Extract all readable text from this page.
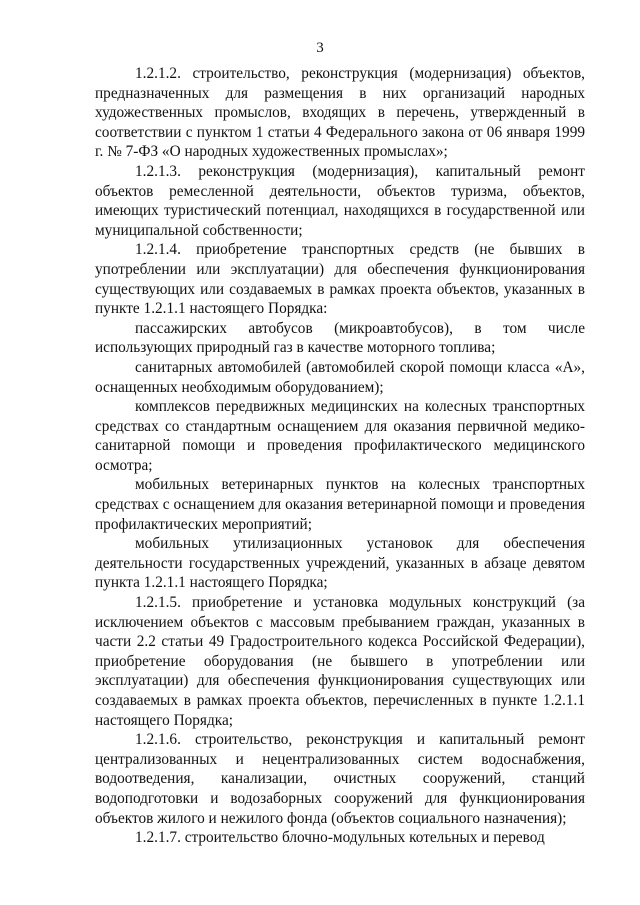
3

1.2.1.2. строительство, реконструкция (модернизация) объектов, предназначенных для размещения в них организаций народных художественных промыслов, входящих в перечень, утвержденный в соответствии с пунктом 1 статьи 4 Федерального закона от 06 января 1999 г. № 7-ФЗ «О народных художественных промыслах»;

1.2.1.3. реконструкция (модернизация), капитальный ремонт объектов ремесленной деятельности, объектов туризма, объектов, имеющих туристический потенциал, находящихся в государственной или муниципальной собственности;

1.2.1.4. приобретение транспортных средств (не бывших в употреблении или эксплуатации) для обеспечения функционирования существующих или создаваемых в рамках проекта объектов, указанных в пункте 1.2.1.1 настоящего Порядка:

пассажирских автобусов (микроавтобусов), в том числе использующих природный газ в качестве моторного топлива;

санитарных автомобилей (автомобилей скорой помощи класса «А», оснащенных необходимым оборудованием);

комплексов передвижных медицинских на колесных транспортных средствах со стандартным оснащением для оказания первичной медико-санитарной помощи и проведения профилактического медицинского осмотра;

мобильных ветеринарных пунктов на колесных транспортных средствах с оснащением для оказания ветеринарной помощи и проведения профилактических мероприятий;

мобильных утилизационных установок для обеспечения деятельности государственных учреждений, указанных в абзаце девятом пункта 1.2.1.1 настоящего Порядка;

1.2.1.5. приобретение и установка модульных конструкций (за исключением объектов с массовым пребыванием граждан, указанных в части 2.2 статьи 49 Градостроительного кодекса Российской Федерации), приобретение оборудования (не бывшего в употреблении или эксплуатации) для обеспечения функционирования существующих или создаваемых в рамках проекта объектов, перечисленных в пункте 1.2.1.1 настоящего Порядка;

1.2.1.6. строительство, реконструкция и капитальный ремонт централизованных и нецентрализованных систем водоснабжения, водоотведения, канализации, очистных сооружений, станций водоподготовки и водозаборных сооружений для функционирования объектов жилого и нежилого фонда (объектов социального назначения);

1.2.1.7. строительство блочно-модульных котельных и перевод
